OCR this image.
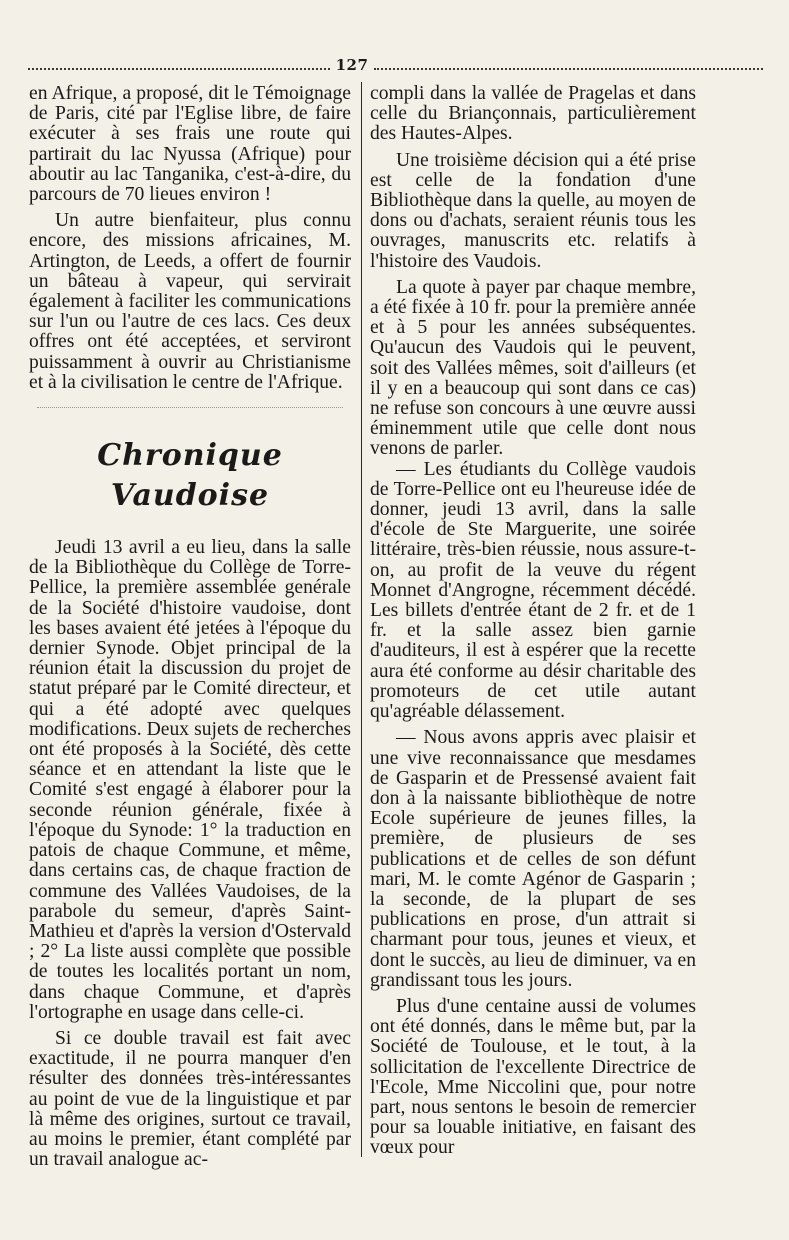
127

en Afrique, a proposé, dit le Témoignage de Paris, cité par l'Eglise libre, de faire exécuter à ses frais une route qui partirait du lac Nyussa (Afrique) pour aboutir au lac Tanganika, c'est-à-dire, du parcours de 70 lieues environ !

Un autre bienfaiteur, plus connu encore, des missions africaines, M. Artington, de Leeds, a offert de fournir un bâteau à vapeur, qui servirait également à faciliter les communications sur l'un ou l'autre de ces lacs. Ces deux offres ont été acceptées, et serviront puissamment à ouvrir au Christianisme et à la civilisation le centre de l'Afrique.

Chronique Vaudoise

Jeudi 13 avril a eu lieu, dans la salle de la Bibliothèque du Collège de Torre-Pellice, la première assemblée genérale de la Société d'histoire vaudoise, dont les bases avaient été jetées à l'époque du dernier Synode. Objet principal de la réunion était la discussion du projet de statut préparé par le Comité directeur, et qui a été adopté avec quelques modifications. Deux sujets de recherches ont été proposés à la Société, dès cette séance et en attendant la liste que le Comité s'est engagé à élaborer pour la seconde réunion générale, fixée à l'époque du Synode: 1° la traduction en patois de chaque Commune, et même, dans certains cas, de chaque fraction de commune des Vallées Vaudoises, de la parabole du semeur, d'après Saint-Mathieu et d'après la version d'Ostervald ; 2° La liste aussi complète que possible de toutes les localités portant un nom, dans chaque Commune, et d'après l'ortographe en usage dans celle-ci.

Si ce double travail est fait avec exactitude, il ne pourra manquer d'en résulter des données très-intéressantes au point de vue de la linguistique et par là même des origines, surtout ce travail, au moins le premier, étant complété par un travail analogue ac-

compli dans la vallée de Pragelas et dans celle du Briançonnais, particulièrement des Hautes-Alpes.

Une troisième décision qui a été prise est celle de la fondation d'une Bibliothèque dans la quelle, au moyen de dons ou d'achats, seraient réunis tous les ouvrages, manuscrits etc. relatifs à l'histoire des Vaudois.

La quote à payer par chaque membre, a été fixée à 10 fr. pour la première année et à 5 pour les années subséquentes. Qu'aucun des Vaudois qui le peuvent, soit des Vallées mêmes, soit d'ailleurs (et il y en a beaucoup qui sont dans ce cas) ne refuse son concours à une œuvre aussi éminemment utile que celle dont nous venons de parler.

— Les étudiants du Collège vaudois de Torre-Pellice ont eu l'heureuse idée de donner, jeudi 13 avril, dans la salle d'école de Ste Marguerite, une soirée littéraire, très-bien réussie, nous assure-t-on, au profit de la veuve du régent Monnet d'Angrogne, récemment décédé. Les billets d'entrée étant de 2 fr. et de 1 fr. et la salle assez bien garnie d'auditeurs, il est à espérer que la recette aura été conforme au désir charitable des promoteurs de cet utile autant qu'agréable délassement.

— Nous avons appris avec plaisir et une vive reconnaissance que mesdames de Gasparin et de Pressensé avaient fait don à la naissante bibliothèque de notre Ecole supérieure de jeunes filles, la première, de plusieurs de ses publications et de celles de son défunt mari, M. le comte Agénor de Gasparin ; la seconde, de la plupart de ses publications en prose, d'un attrait si charmant pour tous, jeunes et vieux, et dont le succès, au lieu de diminuer, va en grandissant tous les jours.

Plus d'une centaine aussi de volumes ont été donnés, dans le même but, par la Société de Toulouse, et le tout, à la sollicitation de l'excellente Directrice de l'Ecole, Mme Niccolini que, pour notre part, nous sentons le besoin de remercier pour sa louable initiative, en faisant des vœux pour
